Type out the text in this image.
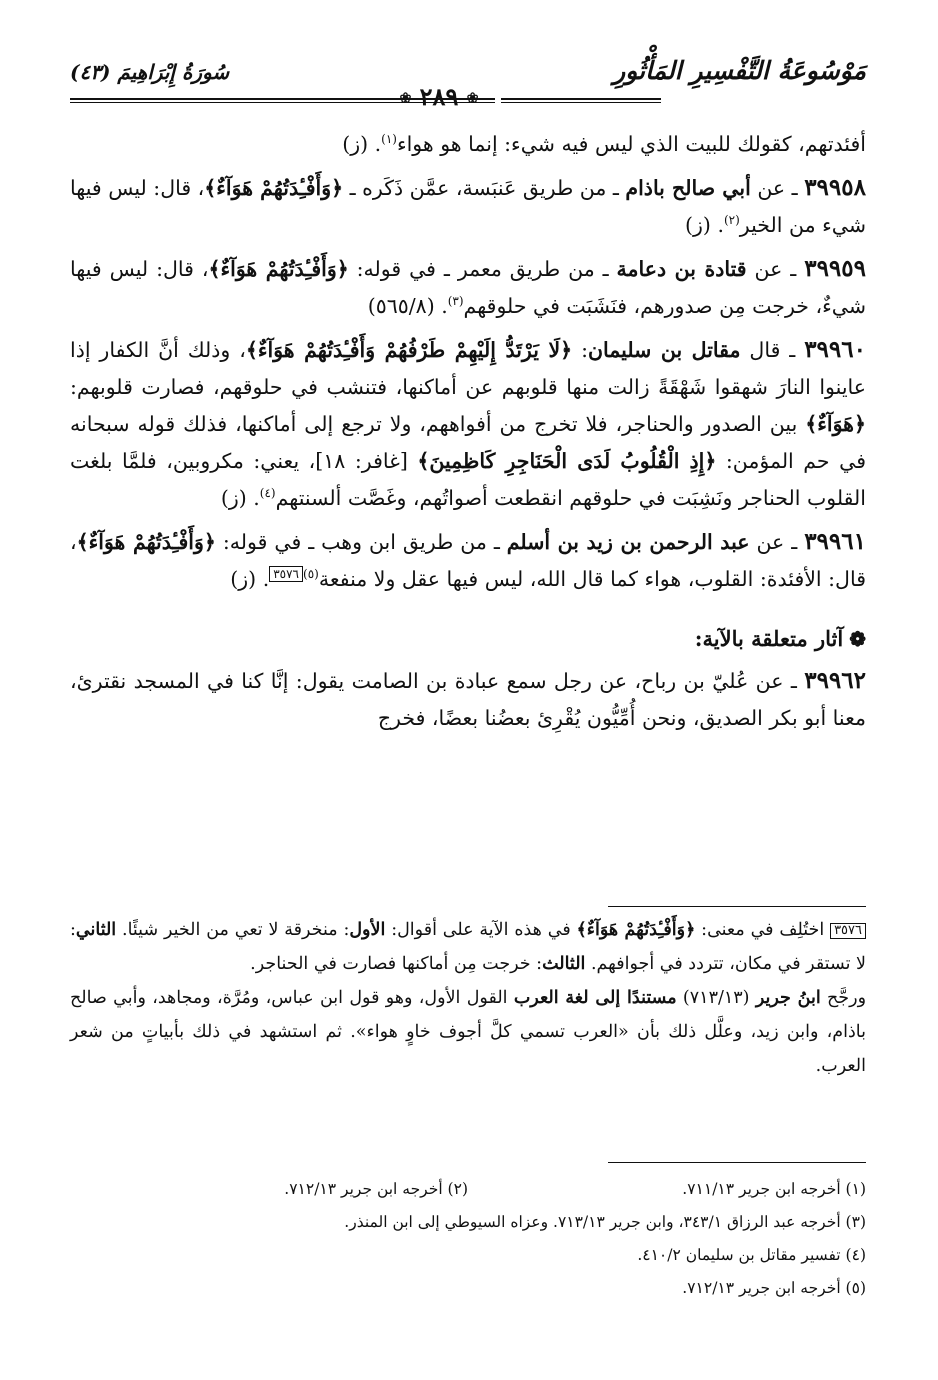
مَوْسُوعَةُ التَّفْسِيرِ المَأْثُورِ
❀ ٢٨٩ ❀
سُورَةُ إِبْرَاهِيمَ (٤٣)

أفئدتهم، كقولك للبيت الذي ليس فيه شيء: إنما هو هواء$^{(١)}$. (ز)

٣٩٩٥٨ ـ عن أبي صالح باذام ـ من طريق عَنبَسة، عمَّن ذَكَره ـ ﴿وَأَفْـِٔدَتُهُمْ هَوَآءٌ﴾، قال: ليس فيها شيء من الخير$^{(٢)}$. (ز)

٣٩٩٥٩ ـ عن قتادة بن دعامة ـ من طريق معمر ـ في قوله: ﴿وَأَفْـِٔدَتُهُمْ هَوَآءٌ﴾، قال: ليس فيها شيءٌ، خرجت مِن صدورهم، فنَشَبَت في حلوقهم$^{(٣)}$. (٥٦٥/٨)

٣٩٩٦٠ ـ قال مقاتل بن سليمان: ﴿لَا يَرْتَدُّ إِلَيْهِمْ طَرْفُهُمْ وَأَفْـِٔدَتُهُمْ هَوَآءٌ﴾، وذلك أنَّ الكفار إذا عاينوا النارَ شهقوا شَهْقَةً زالت منها قلوبهم عن أماكنها، فتنشب في حلوقهم، فصارت قلوبهم: ﴿هَوَآءٌ﴾ بين الصدور والحناجر، فلا تخرج من أفواههم، ولا ترجع إلى أماكنها، فذلك قوله سبحانه في حم المؤمن: ﴿إِذِ الْقُلُوبُ لَدَى الْحَنَاجِرِ كَاظِمِينَ﴾ [غافر: ١٨]، يعني: مكروبين، فلمَّا بلغت القلوب الحناجر ونَشِبَت في حلوقهم انقطعت أصواتُهم، وغَصَّت ألسنتهم$^{(٤)}$. (ز)

٣٩٩٦١ ـ عن عبد الرحمن بن زيد بن أسلم ـ من طريق ابن وهب ـ في قوله: ﴿وَأَفْـِٔدَتُهُمْ هَوَآءٌ﴾، قال: الأفئدة: القلوب، هواء كما قال الله، ليس فيها عقل ولا منفعة$^{(٥)}$٣٥٧٦. (ز)

❁آثار متعلقة بالآية:

٣٩٩٦٢ ـ عن عُليّ بن رباح، عن رجل سمع عبادة بن الصامت يقول: إنَّا كنا في المسجد نقترئ، معنا أبو بكر الصديق، ونحن أُمِّيُّون يُقْرِئ بعضُنا بعضًا، فخرج

٣٥٧٦ اختُلِف في معنى: ﴿وَأَفْـِٔدَتُهُمْ هَوَآءٌ﴾ في هذه الآية على أقوال: الأول: منخرقة لا تعي من الخير شيئًا. الثاني: لا تستقر في مكان، تتردد في أجوافهم. الثالث: خرجت مِن أماكنها فصارت في الحناجر.

ورجَّح ابنُ جرير (٧١٣/١٣) مستندًا إلى لغة العرب القول الأول، وهو قول ابن عباس، ومُرَّة، ومجاهد، وأبي صالح باذام، وابن زيد، وعلَّل ذلك بأن «العرب تسمي كلَّ أجوف خاوٍ هواء». ثم استشهد في ذلك بأبياتٍ من شعر العرب.

(١) أخرجه ابن جرير ٧١١/١٣.
(٢) أخرجه ابن جرير ٧١٢/١٣.
(٣) أخرجه عبد الرزاق ٣٤٣/١، وابن جرير ٧١٣/١٣. وعزاه السيوطي إلى ابن المنذر.
(٤) تفسير مقاتل بن سليمان ٤١٠/٢.
(٥) أخرجه ابن جرير ٧١٢/١٣.
